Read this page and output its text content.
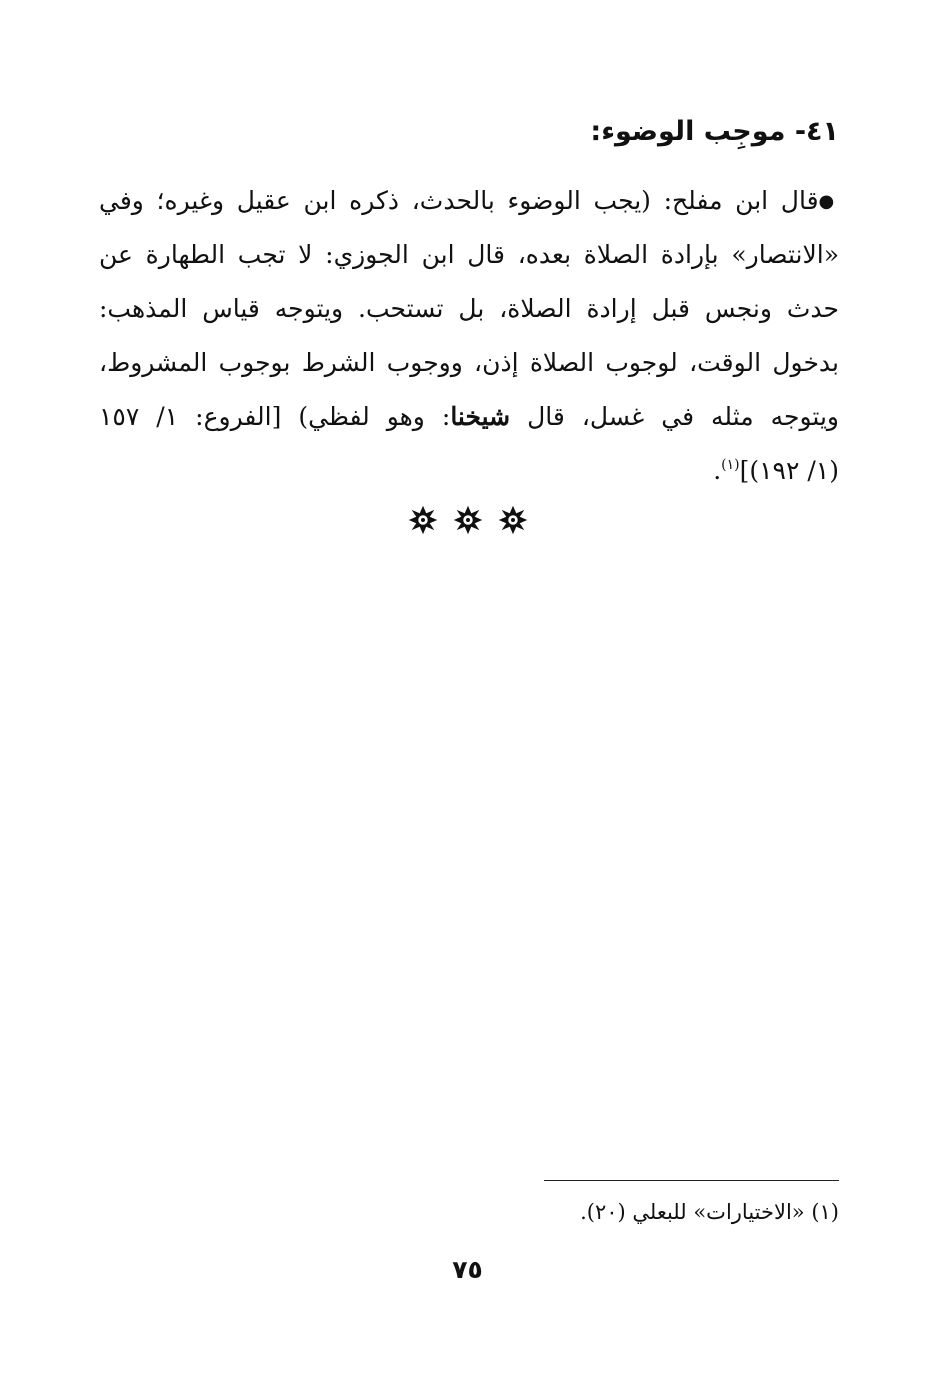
٤١- موجِب الوضوء:
●قال ابن مفلح: (يجب الوضوء بالحدث، ذكره ابن عقيل وغيره؛ وفي
«الانتصار» بإرادة الصلاة بعده، قال ابن الجوزي: لا تجب الطهارة عن
حدث ونجس قبل إرادة الصلاة، بل تستحب. ويتوجه قياس المذهب:
بدخول الوقت، لوجوب الصلاة إذن، ووجوب الشرط بوجوب المشروط،
ويتوجه مثله في غسل، قال شيخنا: وهو لفظي) [الفروع: ١/ ١٥٧
(١/ ١٩٢)]$^{(١)}$.

(١) «الاختيارات» للبعلي (٢٠).
٧٥
